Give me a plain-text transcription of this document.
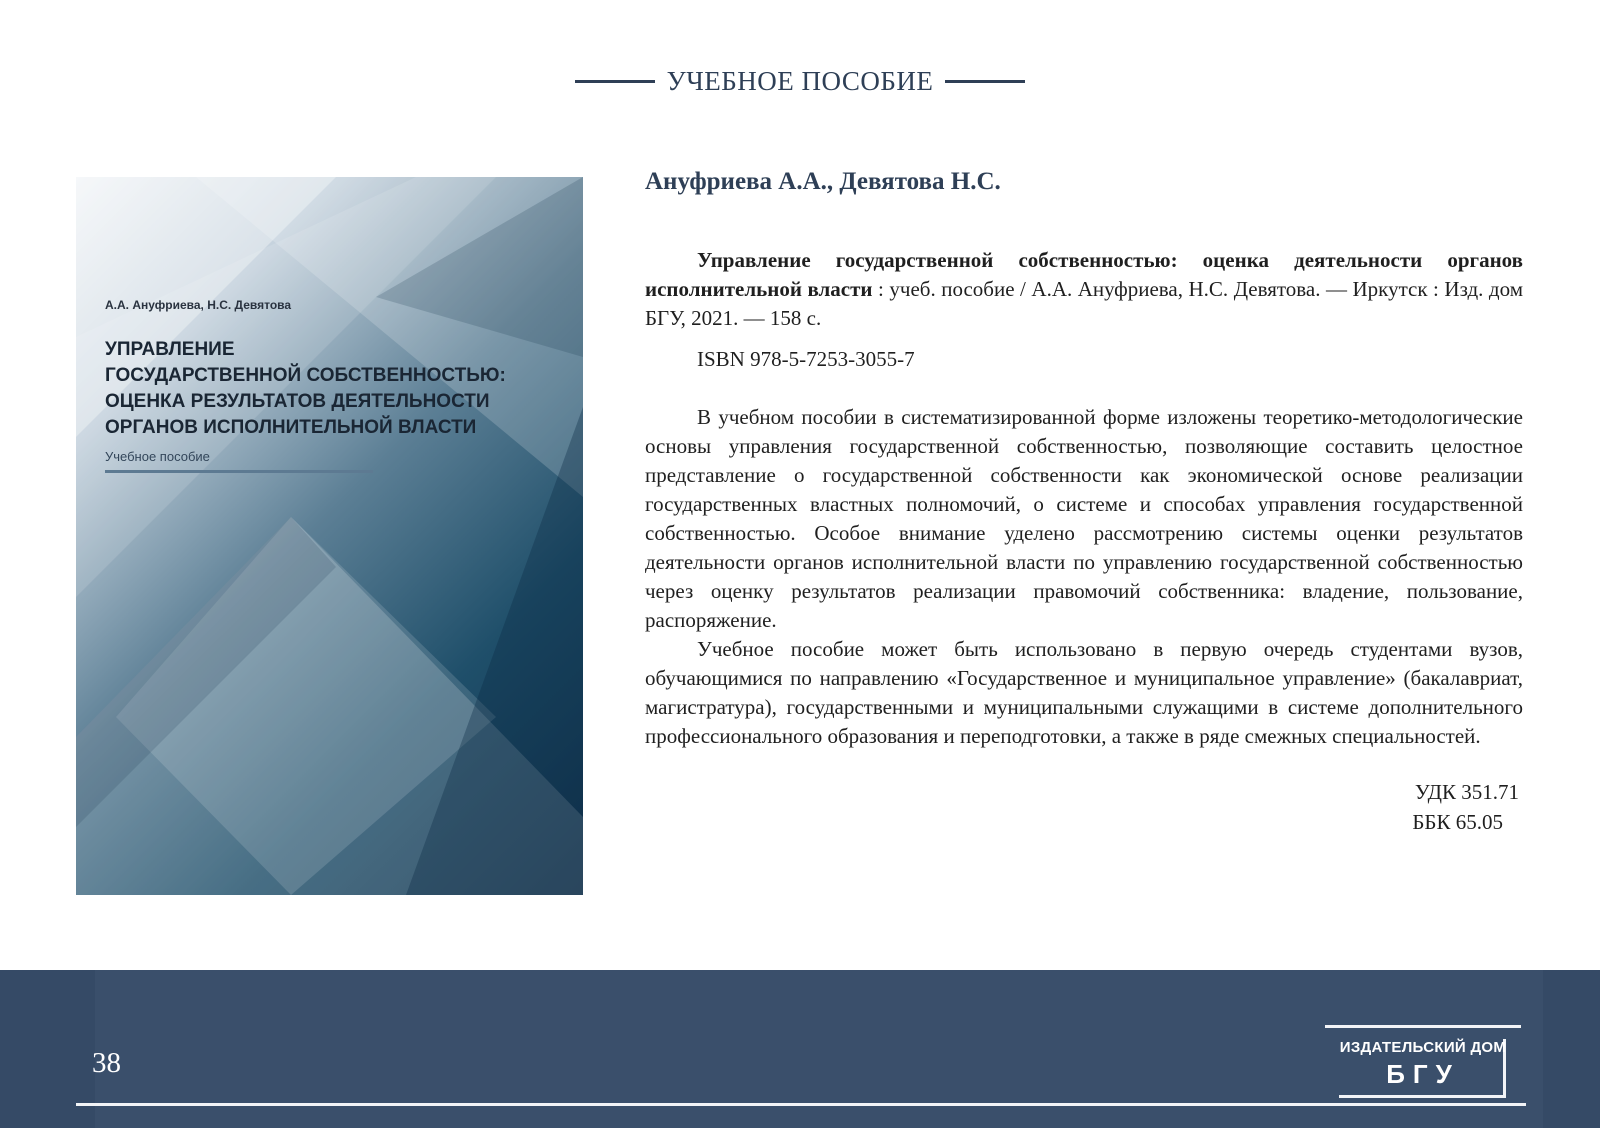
УЧЕБНОЕ ПОСОБИЕ
А.А. Ануфриева, Н.С. Девятова
УПРАВЛЕНИЕ
ГОСУДАРСТВЕННОЙ СОБСТВЕННОСТЬЮ:
ОЦЕНКА РЕЗУЛЬТАТОВ ДЕЯТЕЛЬНОСТИ
ОРГАНОВ ИСПОЛНИТЕЛЬНОЙ ВЛАСТИ
Учебное пособие
Ануфриева А.А., Девятова Н.С.
Управление государственной собственностью: оценка деятельности органов исполнительной власти : учеб. пособие / А.А. Ануфриева, Н.С. Девятова. — Иркутск : Изд. дом БГУ, 2021. — 158 с.
ISBN 978-5-7253-3055-7

В учебном пособии в систематизированной форме изложены теоретико-методологические основы управления государственной собственностью, позволяющие составить целостное представление о государственной собственности как экономической основе реализации государственных властных полномочий, о системе и способах управления государственной собственностью. Особое внимание уделено рассмотрению системы оценки результатов деятельности органов исполнительной власти по управлению государственной собственностью через оценку результатов реализации правомочий собственника: владение, пользование, распоряжение.

Учебное пособие может быть использовано в первую очередь студентами вузов, обучающимися по направлению «Государственное и муниципальное управление» (бакалавриат, магистратура), государственными и муниципальными служащими в системе дополнительного профессионального образования и переподготовки, а также в ряде смежных специальностей.

УДК 351.71
ББК 65.05
38	ИЗДАТЕЛЬСКИЙ ДОМ
БГУ
